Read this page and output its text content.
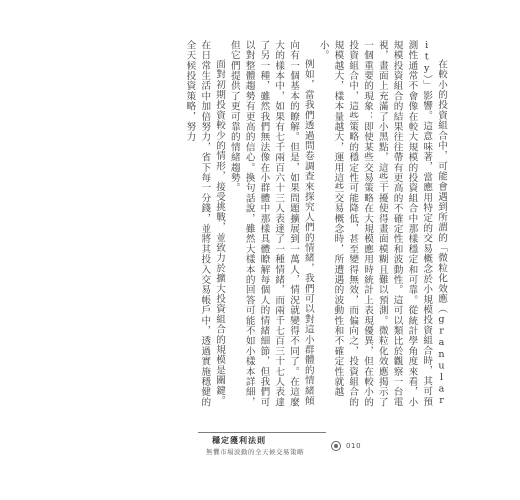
在較小的投資組合中，可能會遇到所謂的「微粒化效應（granularity）」影響。這意味著，當應用特定的交易概念於小規模投資組合時，其可預測性通常不會像在較大規模的投資組合中那樣穩定和可靠。從統計學角度來看，小規模投資組合的結果往往帶有更高的不確定性和波動性。這可以類比於觀察一台電視，畫面上充滿了小黑點，這些干擾使得畫面模糊且難以預測。微粒化效應揭示了一個重要的現象：即使某些交易策略在大規模應用時統計上表現優異，但在較小的投資組合中，這些策略的穩定性可能降低，甚至變得無效，而偏向之，投資組合的規模越大，樣本量越大，運用這些交易概念時，所遭遇的波動性和不確定性就越小。

例如，當我們透過問卷調查來探究人們的情緒，我們可以對這小群體的情緒傾向有一個基本的瞭解。但是，如果問題擴展到一萬人，情況就變得不同了。在這麼大的樣本中，如果有七千兩百六十三人表達了一種情緒，而兩千七百三十七人表達了另一種，雖然我們無法像在小群體中那樣具體瞭解每個人的情緒細節，但我們可以對整體趨勢有更高的信心。換句話說，雖然大樣本的回答可能不如小樣本詳細，但它們提供了更可靠的情緒趨勢。

面對初期投資較少的情形，接受挑戰，並致力於擴大投資組合的規模是關鍵。在日常生活中加倍努力，省下每一分錢，並將其投入交易帳戶中，透過實施穩健的全天候投資策略，努力

穩定獲利法則
無懼市場波動的全天候交易策略
010
